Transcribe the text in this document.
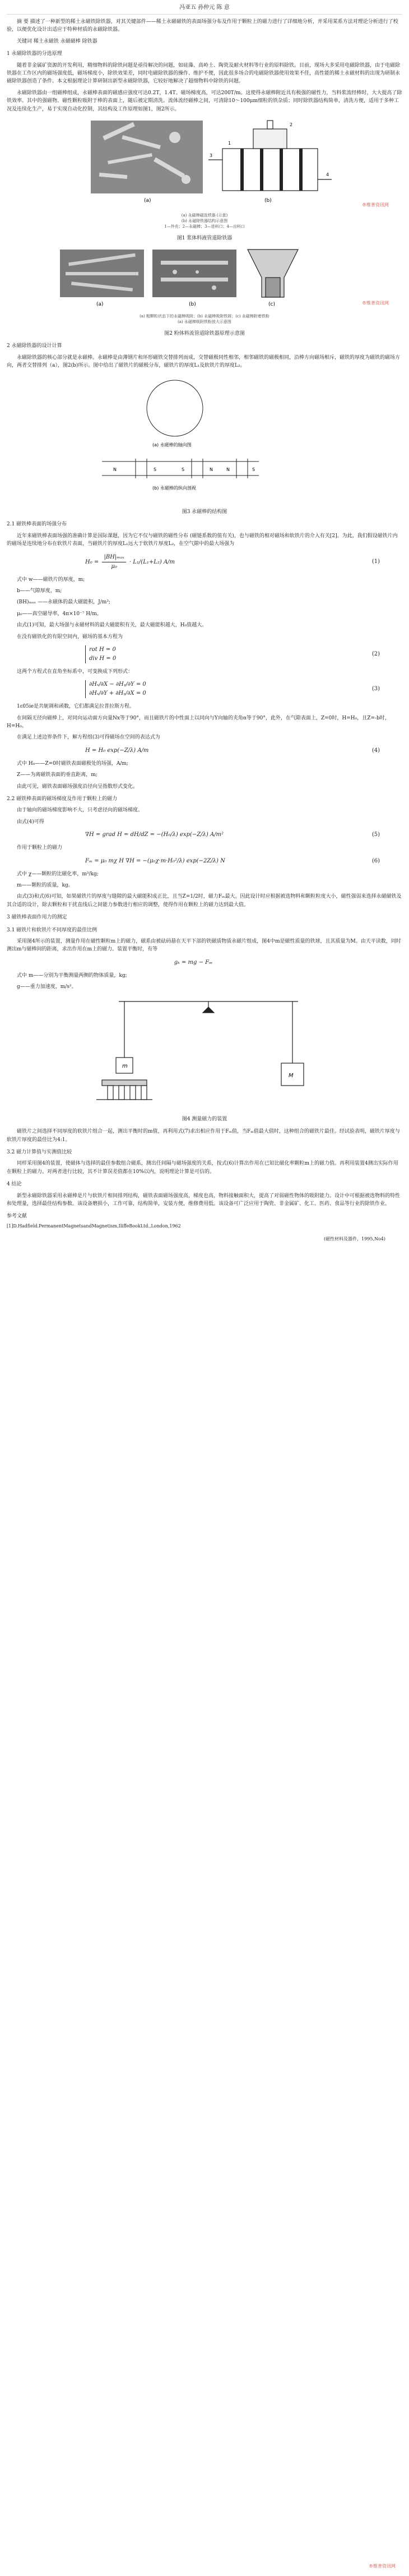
冯亚五 孙仲元 陈 意

摘 要 描述了一种新型的稀土永磁铁除铁器，对其关键部件——稀土永磁磁铁的表面场强分布及作用于颗粒上的磁力进行了详细地分析，并采用某系方法对理论分析进行了校验，以便优化设计出适应于特种材质的永磁除铁器。

关键词 稀土永磁铁 永磁磁棒 除铁器

1 永磁除铁器的分选原理

随着非金属矿资源的开发利用，精细物料的除铁问题是亟待解决的问题，如硅藻、高岭土、陶瓷及耐火材料等行业的原料除铁。目前，现场大多采用电磁除铁器，由于电磁除铁器在工作区内的磁场强度低，磁场梯度小，除铁效果差，同时电磁除铁器的操作、维护不便，因此很多场合的电磁除铁器使用效果不佳，高性能的稀土永磁材料的出现为研制永磁除铁器创造了条件。本文根据理论计算研制出新型永磁除铁器，它较好地解决了超细物料中除铁的问题。

永磁除铁器由一组磁棒组成，永磁棒表面的磁感应强度可达0.2T，1.4T。磁场梯度高，可达200T/m。这使得永磁棒附近具有极强的磁性力，当料浆流经棒时，大大提高了除铁效率。其中的强磁物、磁性颗粒吸附于棒的表面上，随后被定期清洗。流体流经磁棒之间，可清除10～100μm细粒的铁杂质；同时除铁器结构简单，清洗方便，适用于多种工况及连续化生产，易于实现自动化控制，其结构及工作原理如图1，图2所示。

(a)
1
2
3
4
(b)
(a) 永磁棒磁选铁器 (示意)
(b) 永磁除铁器结构示意图
1—外壳；2—永磁棒；3—进料口；4—出料口
®维普资讯网
图1 浆体料液管道除铁器
(a)	(b)	(c)
(a) 粗颗粒状态下的永磁棒吸附；(b) 永磁棒吸附铁屑；(c) 永磁棒附着铁粉
(a) 永磁棒吸附铁粉放大示意图
®维普资讯网
图2 粉体料流管道除铁器原理示意图
2 永磁除铁器的设计计算

永磁除铁器的核心部分就是永磁棒。永磁棒是由薄钢片和环形磁铁交替排列而成，交替磁极同性相邻，相邻磁铁的磁极相同，沿棒方向磁场相斥，磁铁的厚度为磁铁的磁场方向，两者交替排列（a），图2(b)所示。图中给出了磁铁片的磁极分布，磁铁片的厚度L₁及软铁片的厚度L₂。

(a) 永磁棒的轴向图
N	S	S	N	N	S
(b) 永磁棒的纵向剖视
图3 永磁棒的结构图
2.1 磁铁棒表面的场强分布

近年来磁铁棒表面场强的准确计算是国际课题，因为它不仅与磁铁的磁性分布 (磁链系数的值有关)，也与磁铁的相对磁场和软铁片的介入有关[2]。为此，我们假设磁铁片内的磁场是连续地分布在软铁片表面，当磁铁片的厚度L₁远大于软铁片厚度L₂，在空气隙中的最大场强为

$H_0 = \frac{\text{|BH|ₘₐₓ}}{\text{μ₀}} \cdot L_1/(L_1+L_2)$ A/m	(1)

式中 w——磁铁片的厚度，m;

b——气隙厚度，m;

(BH)ₘₐₓ ——永磁体的最大磁能积，J/m³;

μ₀——真空磁导率，4π×10⁻⁷ H/m。

由式(1)可知，最大场强与永磁材料的最大磁能积有关，最大磁能积越大，H₀值越大。

在没有磁铁化的有限空间内，磁场的基本方程为

rot H = 0
div H = 0
(2)

这两个方程式在直角坐标系中，可变换成下列形式：

∂Hₓ/∂X − ∂Hᵧ/∂Y = 0
∂Hₓ/∂Y + ∂Hᵧ/∂X = 0
(3)

1ε05ie是共轭调和函数，它们都满足拉普拉斯方程。

在间隔无径向磁棒上，对同向运动面方向量Nx等于90°，而且磁铁片的中性面上以同向与Y向轴的夹角α等于90°，此外，在气隙表面上，Z=0时，H=H₀，且Z=-b时，H=H₀。

在满足上述边界条件下，解方程组(3)可得磁场在空间的表达式为

H = H₀ exp(−Z/λ) A/m	(4)

式中 H₀——Z=0时磁铁表面磁极处的场强，A/m;

Z——为离磁铁表面的垂直距离，m;

由此可见，磁铁表面磁场强度沿径向呈指数形式变化。

2.2 磁铁棒表面的磁场梯度及作用于颗粒上的磁力

由于轴向的磁场梯度影响不大，只考虑径向的磁场梯度。

由式(4)可得

∇H = grad H = dH/dZ = −(H₀/λ) exp(−Z/λ) A/m²	(5)

作用于颗粒上的磁力

Fₘ = μ₀ mχ H ∇H = −(μ₀χ·m·H₀²/λ) exp(−2Z/λ) N	(6)

式中 χ——颗粒的比磁化率，m³/kg;

m——颗粒的质量，kg。

由式(3)和式(6)可知，如果磁铁片的厚度与缝隙的最大磁能积成正比，且当Z=1/2时，磁力Fₘ最大。因此设计时应根据被选物料和颗粒粒度大小，磁性强弱来选择永磁磁铁及其合适的设计，除去颗粒和干扰直线后之间能力参数进行相应的调整，使得作用在颗粒上的磁力达到最大值。

3 磁铁棒表面作用力的测定
3.1 磁铁片和软铁片不同厚度的最佳比例

采用图4所示的装置，测量作用在磁性颗粒m上的磁力，磁系由被砝码悬在天平下部的铁磁质物质永磁片组成，图4中m是磁性质量的铁球，且其质量为M。由天平读数，同时测出m与磁棒间的距离，求出作用在m上的磁力。装置平衡时，有等

gₖ = mg − Fₘ

式中 m——分别为平衡测量两侧的物体质量，kg;

g——重力加速度，m/s²。

m
M
图4 测量磁力的装置

磁铁片之间选择不同厚度的软铁片组合一起，测出平衡时的m值，再利用式(7)求出相应作用于Fₘ值，当Fₘ值最大值时，这种组合的磁铁片最佳。经试验表明，磁铁片厚度与软铁片厚度的最佳比为4:1。

3.2 磁力计算值与实测值比较

同样采用图4的装置，使磁体与选择的最佳参数组合磁系，测出任间隔与磁场强度的关系，按式(6)计算出作用在已知比磁化率颗粒m上的磁力值。再利用装置4测出实际作用在颗粒上的磁力。对两者进行比较，其不计算误差值都在10%以内，说明理论计算是可信的。

4 结论

新型永磁除铁器采用永磁棒是片与软铁片相间排列结构，磁铁表面磁场强度高，梯度也高，物料接触面积大，提高了对弱磁性物体的吸附能力。设计中可根据被选物料的特性和处理量，选择最佳结构参数。该设备磨损小，工作可靠，结构简单，安装方便，维修费用低。该设备可广泛应用于陶瓷、非金属矿、化工、医药、食品等行业的除铁作业。

参考文献
[1]D.Hadfield.PermanentMagnetsandMagnetism,IliffeBookLtd.,London,1962
(磁性材料及器件，1995,No4)
®维普资讯网
